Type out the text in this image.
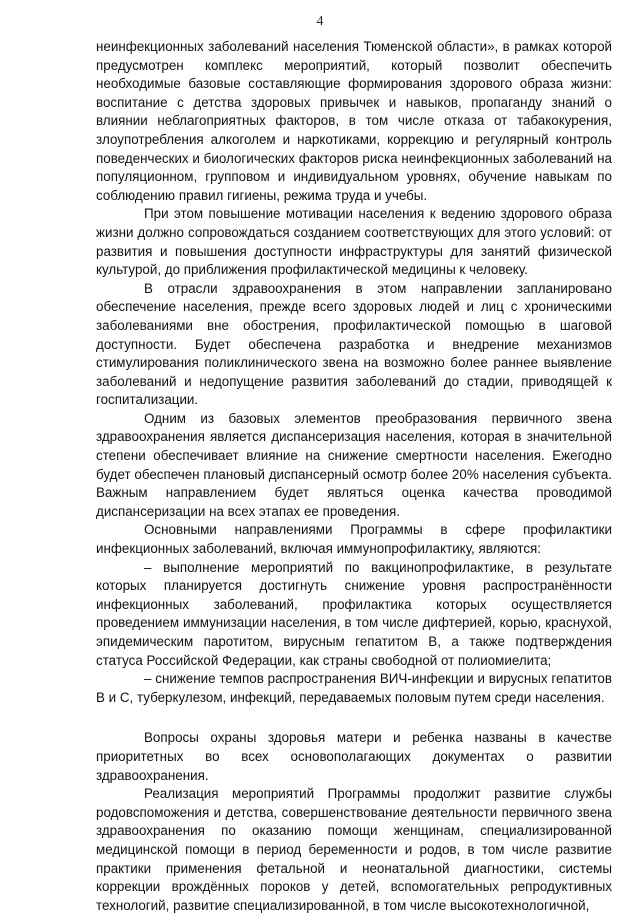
4

неинфекционных заболеваний населения Тюменской области», в рамках которой предусмотрен комплекс мероприятий, который позволит обеспечить необходимые базовые составляющие формирования здорового образа жизни: воспитание с детства здоровых привычек и навыков, пропаганду знаний о влиянии неблагоприятных факторов, в том числе отказа от табакокурения, злоупотребления алкоголем и наркотиками, коррекцию и регулярный контроль поведенческих и биологических факторов риска неинфекционных заболеваний на популяционном, групповом и индивидуальном уровнях, обучение навыкам по соблюдению правил гигиены, режима труда и учебы.

При этом повышение мотивации населения к ведению здорового образа жизни должно сопровождаться созданием соответствующих для этого условий: от развития и повышения доступности инфраструктуры для занятий физической культурой, до приближения профилактической медицины к человеку.

В отрасли здравоохранения в этом направлении запланировано обеспечение населения, прежде всего здоровых людей и лиц с хроническими заболеваниями вне обострения, профилактической помощью в шаговой доступности. Будет обеспечена разработка и внедрение механизмов стимулирования поликлинического звена на возможно более раннее выявление заболеваний и недопущение развития заболеваний до стадии, приводящей к госпитализации.

Одним из базовых элементов преобразования первичного звена здравоохранения является диспансеризация населения, которая в значительной степени обеспечивает влияние на снижение смертности населения. Ежегодно будет обеспечен плановый диспансерный осмотр более 20% населения субъекта. Важным направлением будет являться оценка качества проводимой диспансеризации на всех этапах ее проведения.

Основными направлениями Программы в сфере профилактики инфекционных заболеваний, включая иммунопрофилактику, являются:

– выполнение мероприятий по вакцинопрофилактике, в результате которых планируется достигнуть снижение уровня распространённости инфекционных заболеваний, профилактика которых осуществляется проведением иммунизации населения, в том числе дифтерией, корью, краснухой, эпидемическим паротитом, вирусным гепатитом В, а также подтверждения статуса Российской Федерации, как страны свободной от полиомиелита;

– снижение темпов распространения ВИЧ-инфекции и вирусных гепатитов В и С, туберкулезом, инфекций, передаваемых половым путем среди населения.

Вопросы охраны здоровья матери и ребенка названы в качестве приоритетных во всех основополагающих документах о развитии здравоохранения.

Реализация мероприятий Программы продолжит развитие службы родовспоможения и детства, совершенствование деятельности первичного звена здравоохранения по оказанию помощи женщинам, специализированной медицинской помощи в период беременности и родов, в том числе развитие практики применения фетальной и неонатальной диагностики, системы коррекции врождённых пороков у детей, вспомогательных репродуктивных технологий, развитие специализированной, в том числе высокотехнологичной,
